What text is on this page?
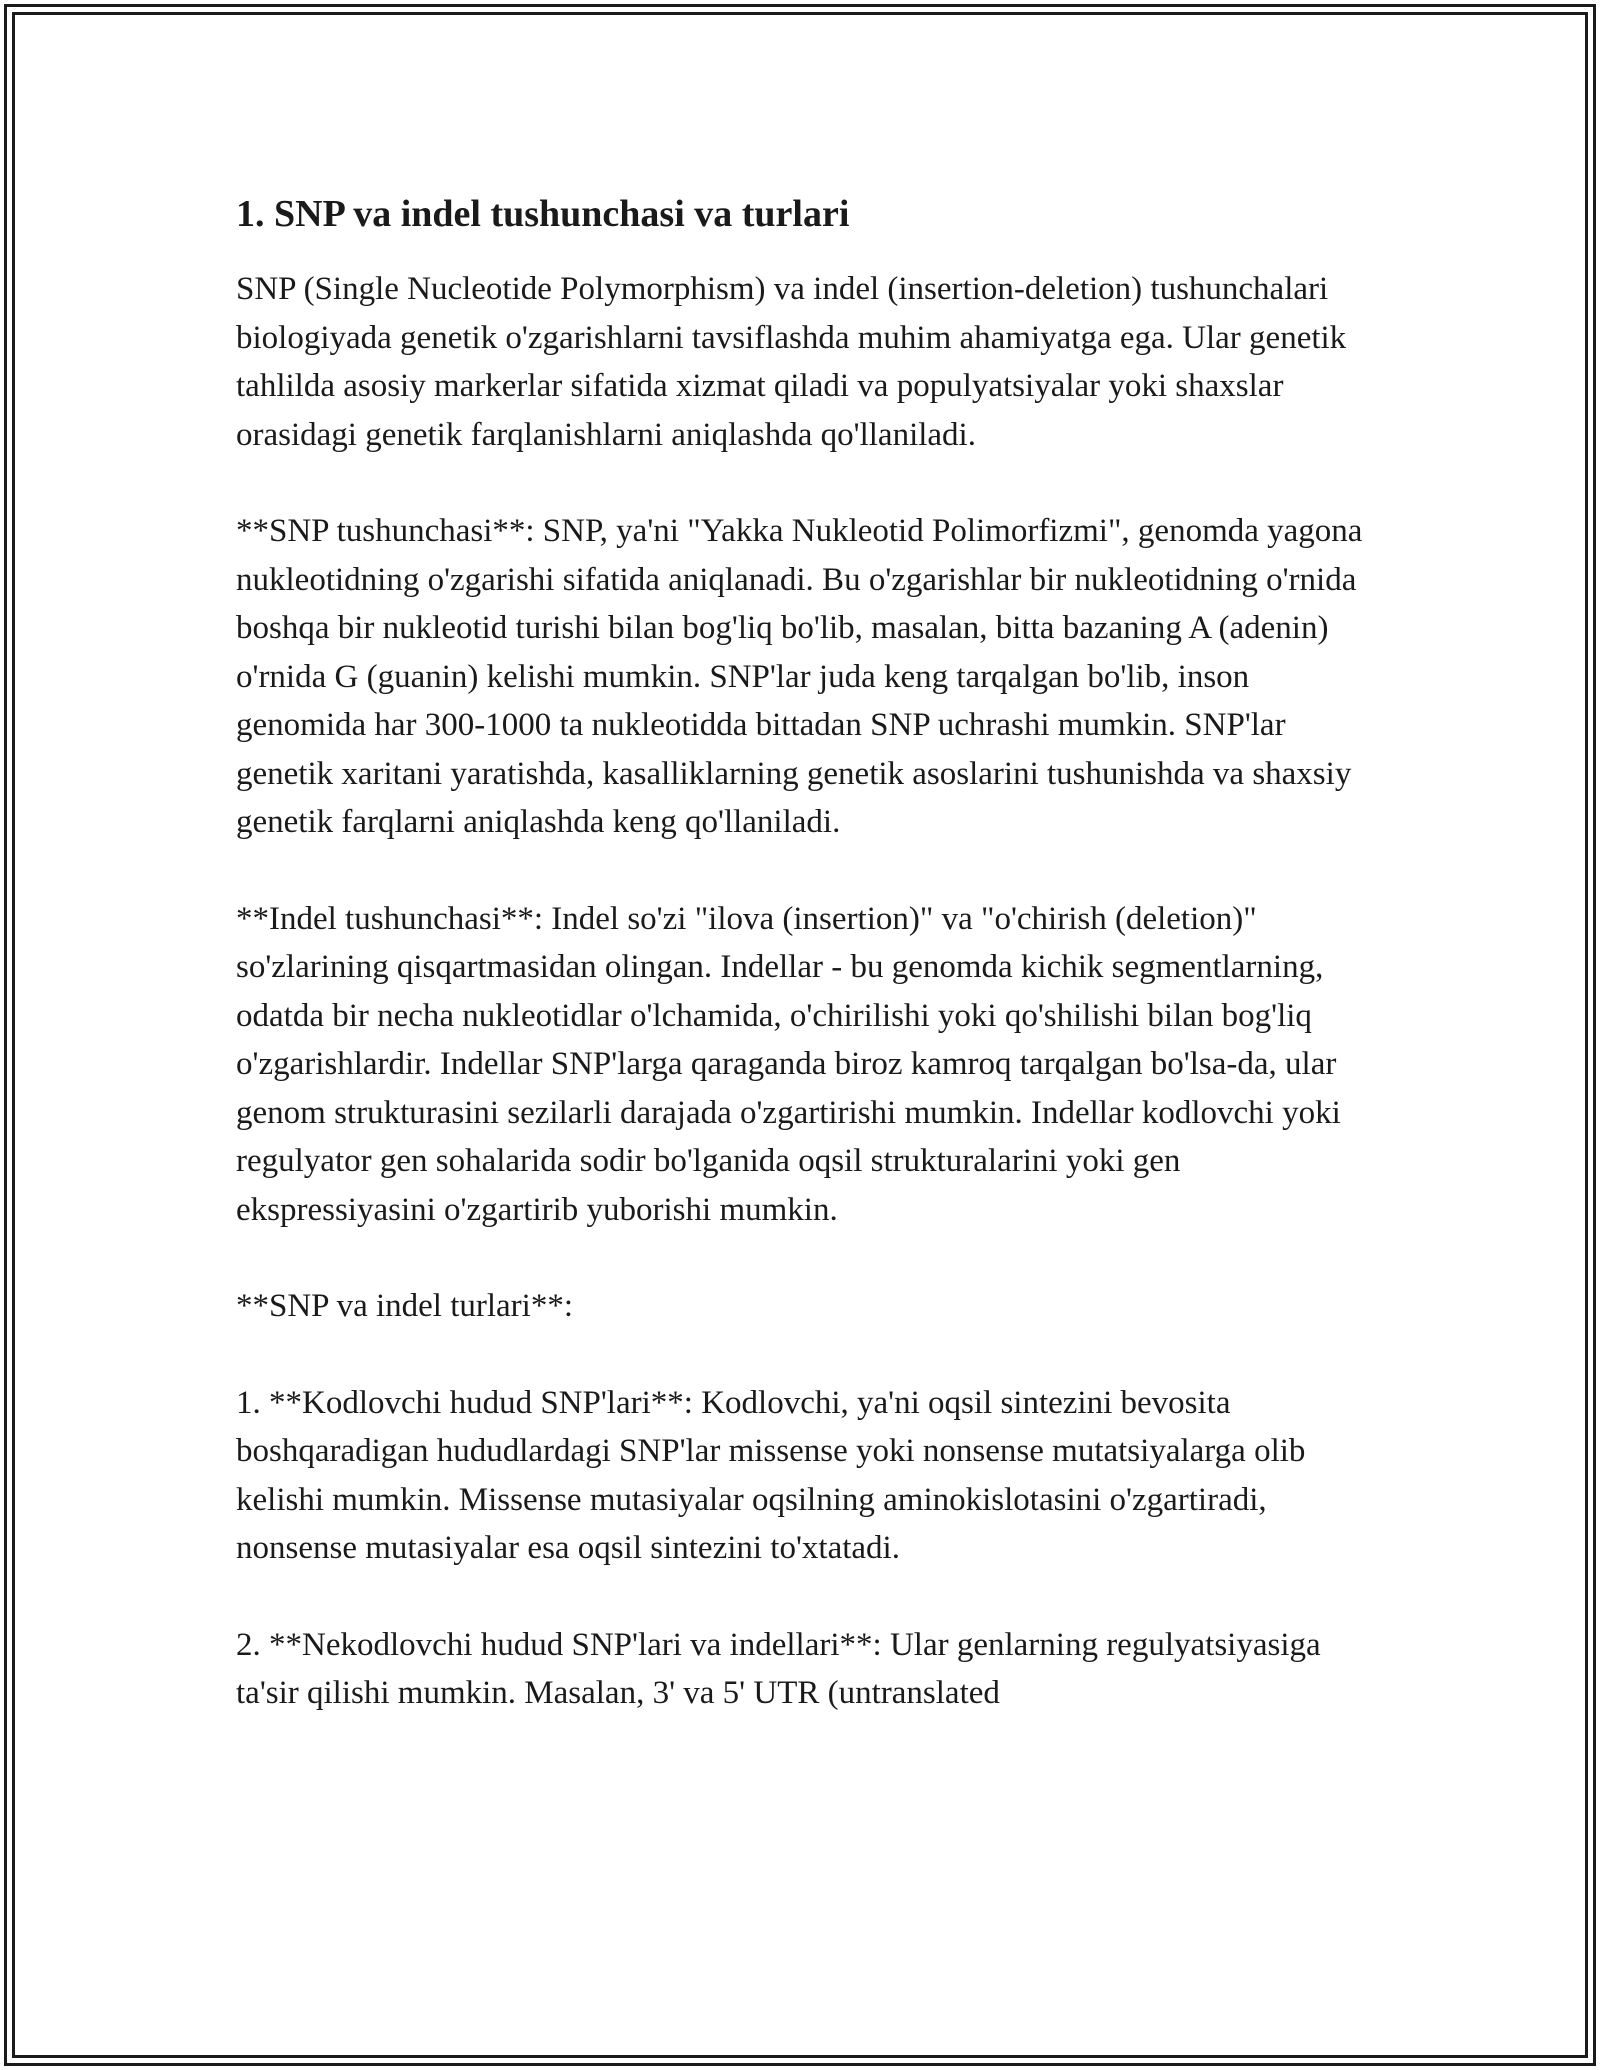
1. SNP va indel tushunchasi va turlari

SNP (Single Nucleotide Polymorphism) va indel (insertion-deletion) tushunchalari biologiyada genetik o'zgarishlarni tavsiflashda muhim ahamiyatga ega. Ular genetik tahlilda asosiy markerlar sifatida xizmat qiladi va populyatsiyalar yoki shaxslar orasidagi genetik farqlanishlarni aniqlashda qo'llaniladi.

**SNP tushunchasi**: SNP, ya'ni "Yakka Nukleotid Polimorfizmi", genomda yagona nukleotidning o'zgarishi sifatida aniqlanadi. Bu o'zgarishlar bir nukleotidning o'rnida boshqa bir nukleotid turishi bilan bog'liq bo'lib, masalan, bitta bazaning A (adenin) o'rnida G (guanin) kelishi mumkin. SNP'lar juda keng tarqalgan bo'lib, inson genomida har 300-1000 ta nukleotidda bittadan SNP uchrashi mumkin. SNP'lar genetik xaritani yaratishda, kasalliklarning genetik asoslarini tushunishda va shaxsiy genetik farqlarni aniqlashda keng qo'llaniladi.

**Indel tushunchasi**: Indel so'zi "ilova (insertion)" va "o'chirish (deletion)" so'zlarining qisqartmasidan olingan. Indellar - bu genomda kichik segmentlarning, odatda bir necha nukleotidlar o'lchamida, o'chirilishi yoki qo'shilishi bilan bog'liq o'zgarishlardir. Indellar SNP'larga qaraganda biroz kamroq tarqalgan bo'lsa-da, ular genom strukturasini sezilarli darajada o'zgartirishi mumkin. Indellar kodlovchi yoki regulyator gen sohalarida sodir bo'lganida oqsil strukturalarini yoki gen ekspressiyasini o'zgartirib yuborishi mumkin.

**SNP va indel turlari**:

1. **Kodlovchi hudud SNP'lari**: Kodlovchi, ya'ni oqsil sintezini bevosita boshqaradigan hududlardagi SNP'lar missense yoki nonsense mutatsiyalarga olib kelishi mumkin. Missense mutasiyalar oqsilning aminokislotasini o'zgartiradi, nonsense mutasiyalar esa oqsil sintezini to'xtatadi.

2. **Nekodlovchi hudud SNP'lari va indellari**: Ular genlarning regulyatsiyasiga ta'sir qilishi mumkin. Masalan, 3' va 5' UTR (untranslated
